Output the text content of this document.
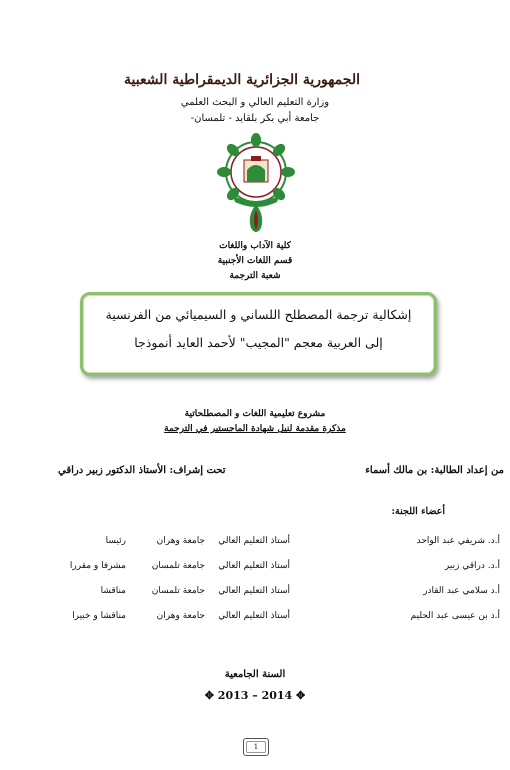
الجمهورية الجزائرية الديمقراطية الشعبية
وزارة التعليم العالي و البحث العلمي
جامعة أبي بكر بلقايد - تلمسان-
كلية الآداب واللغات
قسم اللغات الأجنبية
شعبة الترجمة
إشكالية ترجمة المصطلح اللساني و السيميائي من الفرنسية
إلى العربية معجم "المجيب" لأحمد العايد أنموذجا
مشروع تعليمية اللغات و المصطلحاتية
مذكرة مقدمة لنيل شهادة الماجستير في الترجمة
من إعداد الطالبة: بن مالك أسماء
تحت إشراف: الأستاذ الدكتور زبير دراقي
أعضاء اللجنة:
أ.د. شريفي عبد الواحد
أستاذ التعليم العالي
جامعة وهران
رئيسا
أ.د. دراقي زبير
أستاذ التعليم العالي
جامعة تلمسان
مشرفا و مقررا
أ.د سلامي عبد القادر
أستاذ التعليم العالي
جامعة تلمسان
مناقشا
أ.د بن عيسى عبد الحليم
أستاذ التعليم العالي
جامعة وهران
مناقشا و خبيرا
السنة الجامعية
✥ 2013 – 2014 ✥
1
